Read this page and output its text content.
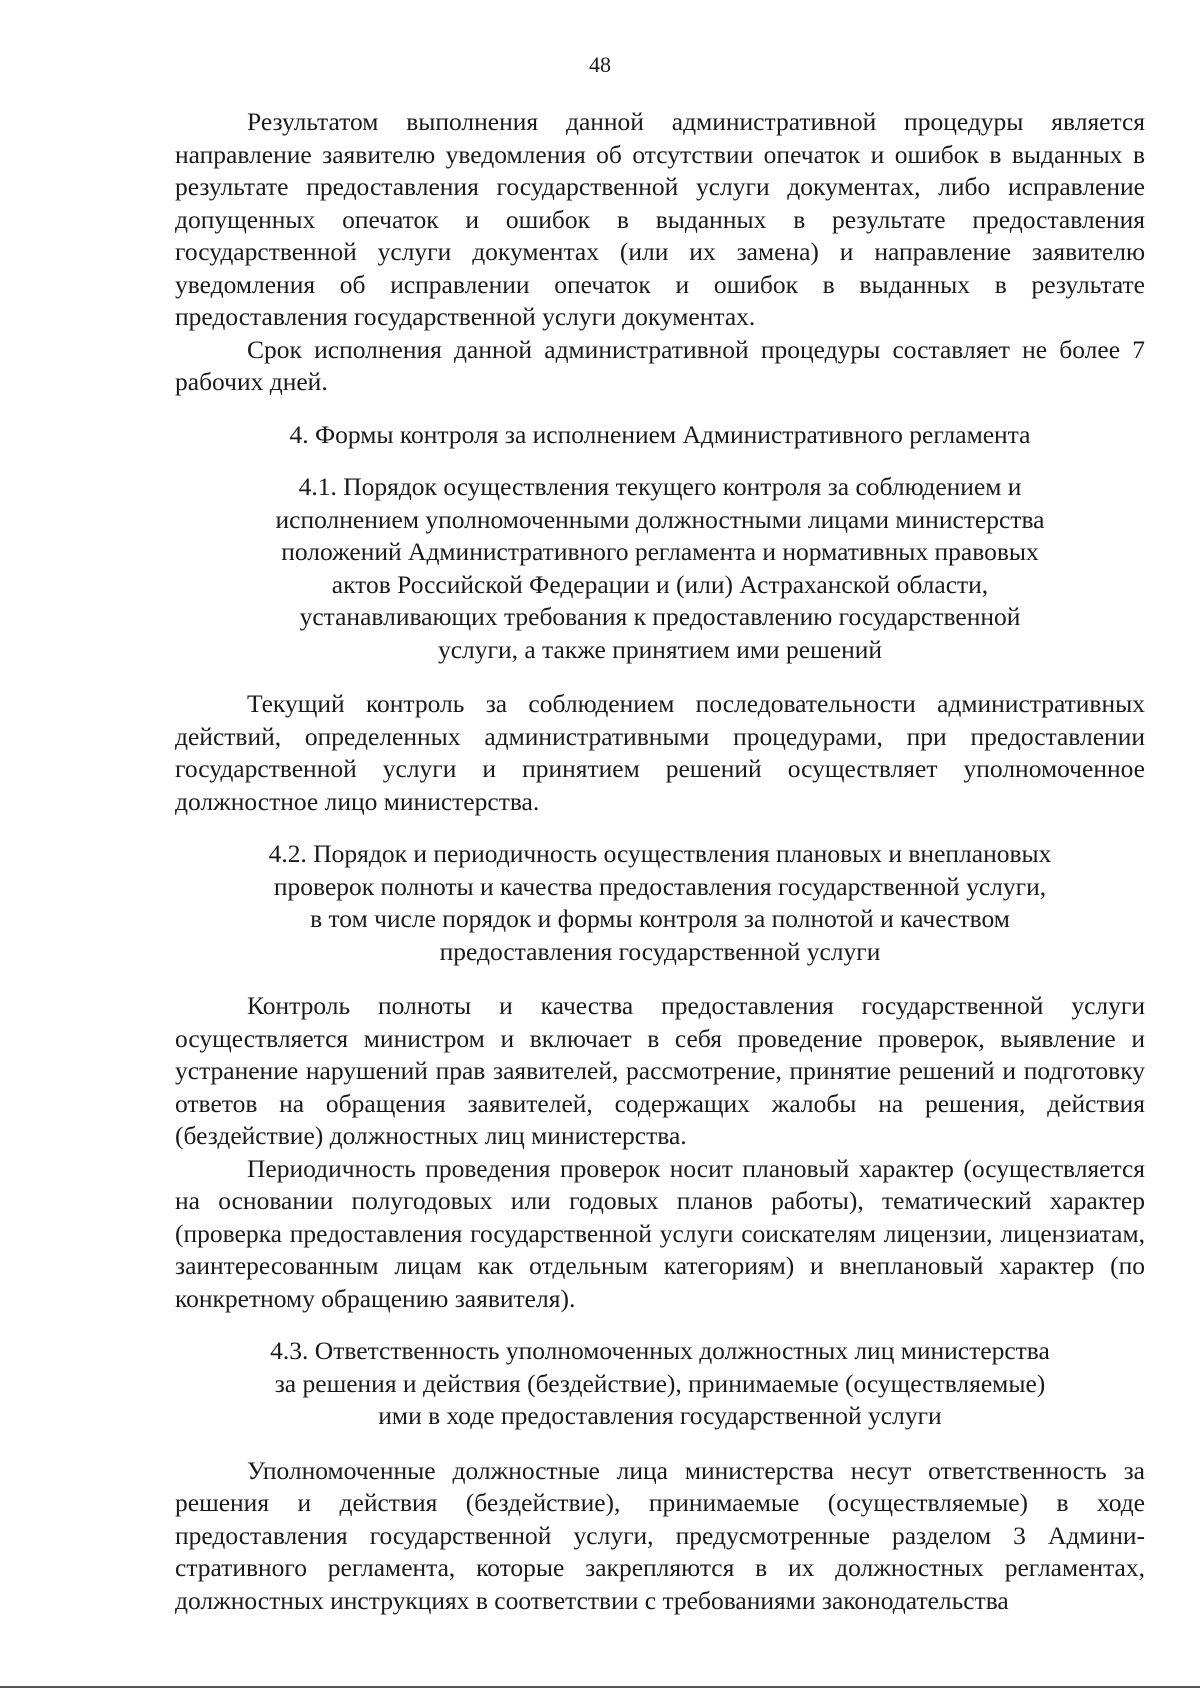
48

Результатом выполнения данной административной процедуры является направление заявителю уведомления об отсутствии опечаток и ошибок в выданных в результате предоставления государственной услуги документах, либо исправление допущенных опечаток и ошибок в выданных в результате предоставления государственной услуги документах (или их замена) и направление заявителю уведомления об исправлении опечаток и ошибок в выданных в результате предоставления государственной услуги документах.

Срок исполнения данной административной процедуры составляет не более 7 рабочих дней.

4. Формы контроля за исполнением Административного регламента

4.1. Порядок осуществления текущего контроля за соблюдением и
исполнением уполномоченными должностными лицами министерства
положений Административного регламента и нормативных правовых
актов Российской Федерации и (или) Астраханской области,
устанавливающих требования к предоставлению государственной
услуги, а также принятием ими решений

Текущий контроль за соблюдением последовательности административных действий, определенных административными процедурами, при предоставлении государственной услуги и принятием решений осуществляет уполномоченное должностное лицо министерства.

4.2. Порядок и периодичность осуществления плановых и внеплановых
проверок полноты и качества предоставления государственной услуги,
в том числе порядок и формы контроля за полнотой и качеством
предоставления государственной услуги

Контроль полноты и качества предоставления государственной услуги осуществляется министром и включает в себя проведение проверок, выявление и устранение нарушений прав заявителей, рассмотрение, принятие решений и подготовку ответов на обращения заявителей, содержащих жалобы на решения, действия (бездействие) должностных лиц министерства.

Периодичность проведения проверок носит плановый характер (осуществляется на основании полугодовых или годовых планов работы), тематический характер (проверка предоставления государственной услуги соискателям лицензии, лицензиатам, заинтересованным лицам как отдельным категориям) и внеплановый характер (по конкретному обращению заявителя).

4.3. Ответственность уполномоченных должностных лиц министерства
за решения и действия (бездействие), принимаемые (осуществляемые)
ими в ходе предоставления государственной услуги

Уполномоченные должностные лица министерства несут ответственность за решения и действия (бездействие), принимаемые (осуществляемые) в ходе предоставления государственной услуги, предусмотренные разделом 3 Административного регламента, которые закрепляются в их должностных регламентах, должностных инструкциях в соответствии с требованиями законодательства
